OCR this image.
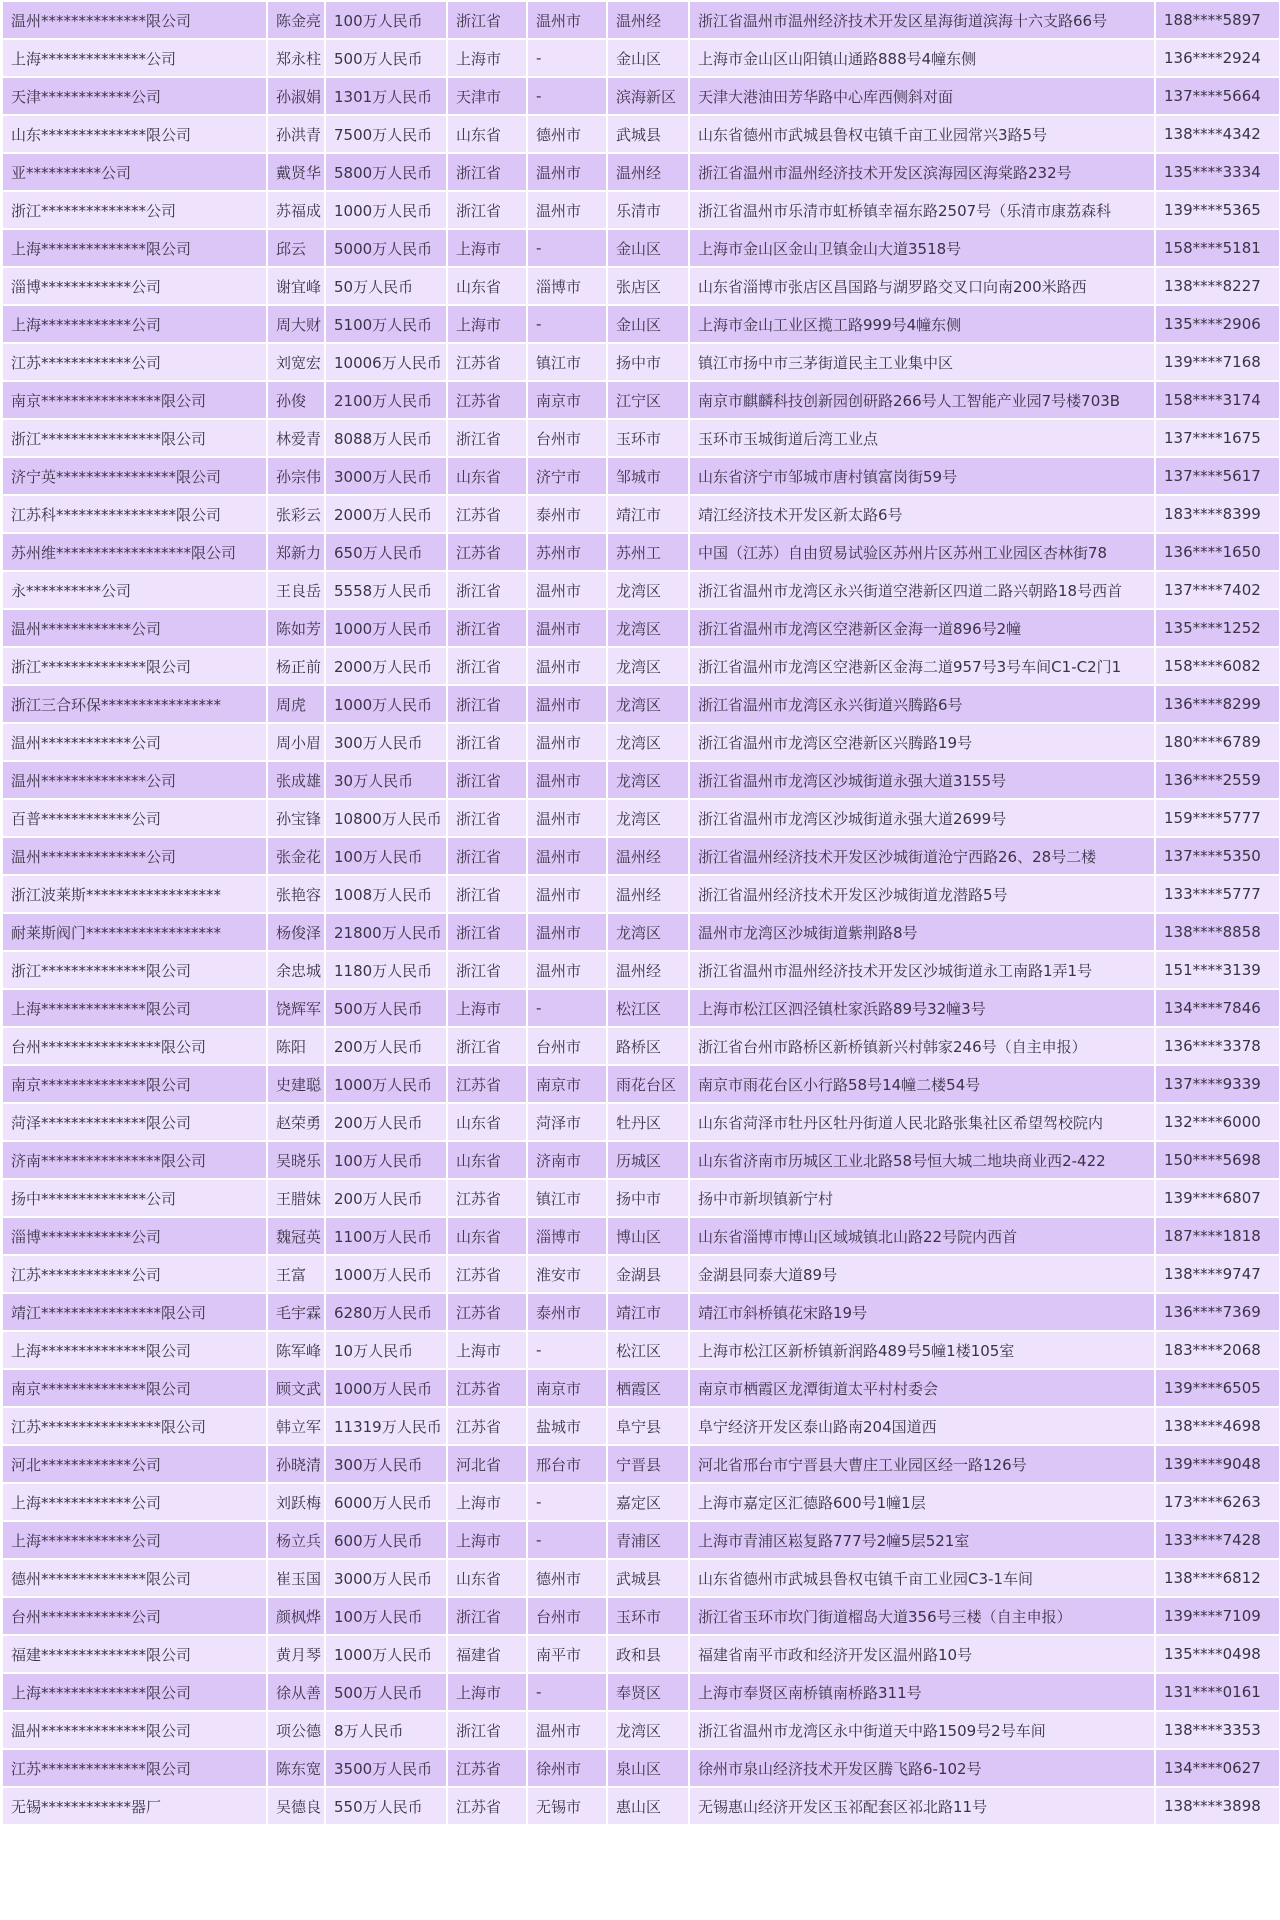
温州**************限公司	陈金亮	100万人民币	浙江省	温州市	温州经	浙江省温州市温州经济技术开发区星海街道滨海十六支路66号	188****5897
上海**************公司	郑永柱	500万人民币	上海市	-	金山区	上海市金山区山阳镇山通路888号4幢东侧	136****2924
天津************公司	孙淑娟	1301万人民币	天津市	-	滨海新区	天津大港油田芳华路中心库西侧斜对面	137****5664
山东**************限公司	孙洪青	7500万人民币	山东省	德州市	武城县	山东省德州市武城县鲁权屯镇千亩工业园常兴3路5号	138****4342
亚**********公司	戴贤华	5800万人民币	浙江省	温州市	温州经	浙江省温州市温州经济技术开发区滨海园区海棠路232号	135****3334
浙江**************公司	苏福成	1000万人民币	浙江省	温州市	乐清市	浙江省温州市乐清市虹桥镇幸福东路2507号（乐清市康荔森科	139****5365
上海**************限公司	邱云	5000万人民币	上海市	-	金山区	上海市金山区金山卫镇金山大道3518号	158****5181
淄博************公司	谢宜峰	50万人民币	山东省	淄博市	张店区	山东省淄博市张店区昌国路与湖罗路交叉口向南200米路西	138****8227
上海************公司	周大财	5100万人民币	上海市	-	金山区	上海市金山工业区揽工路999号4幢东侧	135****2906
江苏************公司	刘宽宏	10006万人民币	江苏省	镇江市	扬中市	镇江市扬中市三茅街道民主工业集中区	139****7168
南京****************限公司	孙俊	2100万人民币	江苏省	南京市	江宁区	南京市麒麟科技创新园创研路266号人工智能产业园7号楼703B	158****3174
浙江****************限公司	林爱青	8088万人民币	浙江省	台州市	玉环市	玉环市玉城街道后湾工业点	137****1675
济宁英****************限公司	孙宗伟	3000万人民币	山东省	济宁市	邹城市	山东省济宁市邹城市唐村镇富岗街59号	137****5617
江苏科****************限公司	张彩云	2000万人民币	江苏省	泰州市	靖江市	靖江经济技术开发区新太路6号	183****8399
苏州维******************限公司	郑新力	650万人民币	江苏省	苏州市	苏州工	中国（江苏）自由贸易试验区苏州片区苏州工业园区杏林街78	136****1650
永**********公司	王良岳	5558万人民币	浙江省	温州市	龙湾区	浙江省温州市龙湾区永兴街道空港新区四道二路兴朝路18号西首	137****7402
温州************公司	陈如芳	1000万人民币	浙江省	温州市	龙湾区	浙江省温州市龙湾区空港新区金海一道896号2幢	135****1252
浙江**************限公司	杨正前	2000万人民币	浙江省	温州市	龙湾区	浙江省温州市龙湾区空港新区金海二道957号3号车间C1-C2门1	158****6082
浙江三合环保****************	周虎	1000万人民币	浙江省	温州市	龙湾区	浙江省温州市龙湾区永兴街道兴腾路6号	136****8299
温州************公司	周小眉	300万人民币	浙江省	温州市	龙湾区	浙江省温州市龙湾区空港新区兴腾路19号	180****6789
温州**************公司	张成雄	30万人民币	浙江省	温州市	龙湾区	浙江省温州市龙湾区沙城街道永强大道3155号	136****2559
百普************公司	孙宝锋	10800万人民币	浙江省	温州市	龙湾区	浙江省温州市龙湾区沙城街道永强大道2699号	159****5777
温州**************公司	张金花	100万人民币	浙江省	温州市	温州经	浙江省温州经济技术开发区沙城街道沧宁西路26、28号二楼	137****5350
浙江波莱斯******************	张艳容	1008万人民币	浙江省	温州市	温州经	浙江省温州经济技术开发区沙城街道龙潜路5号	133****5777
耐莱斯阀门******************	杨俊泽	21800万人民币	浙江省	温州市	龙湾区	温州市龙湾区沙城街道紫荆路8号	138****8858
浙江**************限公司	余忠城	1180万人民币	浙江省	温州市	温州经	浙江省温州市温州经济技术开发区沙城街道永工南路1弄1号	151****3139
上海**************限公司	饶辉军	500万人民币	上海市	-	松江区	上海市松江区泗泾镇杜家浜路89号32幢3号	134****7846
台州****************限公司	陈阳	200万人民币	浙江省	台州市	路桥区	浙江省台州市路桥区新桥镇新兴村韩家246号（自主申报）	136****3378
南京**************限公司	史建聪	1000万人民币	江苏省	南京市	雨花台区	南京市雨花台区小行路58号14幢二楼54号	137****9339
菏泽**************限公司	赵荣勇	200万人民币	山东省	菏泽市	牡丹区	山东省菏泽市牡丹区牡丹街道人民北路张集社区希望驾校院内	132****6000
济南****************限公司	吴晓乐	100万人民币	山东省	济南市	历城区	山东省济南市历城区工业北路58号恒大城二地块商业西2-422	150****5698
扬中**************公司	王腊妹	200万人民币	江苏省	镇江市	扬中市	扬中市新坝镇新宁村	139****6807
淄博************公司	魏冠英	1100万人民币	山东省	淄博市	博山区	山东省淄博市博山区域城镇北山路22号院内西首	187****1818
江苏************公司	王富	1000万人民币	江苏省	淮安市	金湖县	金湖县同泰大道89号	138****9747
靖江****************限公司	毛宇霖	6280万人民币	江苏省	泰州市	靖江市	靖江市斜桥镇花宋路19号	136****7369
上海**************限公司	陈军峰	10万人民币	上海市	-	松江区	上海市松江区新桥镇新润路489号5幢1楼105室	183****2068
南京**************限公司	顾文武	1000万人民币	江苏省	南京市	栖霞区	南京市栖霞区龙潭街道太平村村委会	139****6505
江苏****************限公司	韩立军	11319万人民币	江苏省	盐城市	阜宁县	阜宁经济开发区泰山路南204国道西	138****4698
河北************公司	孙晓清	300万人民币	河北省	邢台市	宁晋县	河北省邢台市宁晋县大曹庄工业园区经一路126号	139****9048
上海************公司	刘跃梅	6000万人民币	上海市	-	嘉定区	上海市嘉定区汇德路600号1幢1层	173****6263
上海************公司	杨立兵	600万人民币	上海市	-	青浦区	上海市青浦区崧复路777号2幢5层521室	133****7428
德州**************限公司	崔玉国	3000万人民币	山东省	德州市	武城县	山东省德州市武城县鲁权屯镇千亩工业园C3-1车间	138****6812
台州************公司	颜枫烨	100万人民币	浙江省	台州市	玉环市	浙江省玉环市坎门街道榴岛大道356号三楼（自主申报）	139****7109
福建**************限公司	黄月琴	1000万人民币	福建省	南平市	政和县	福建省南平市政和经济开发区温州路10号	135****0498
上海**************限公司	徐从善	500万人民币	上海市	-	奉贤区	上海市奉贤区南桥镇南桥路311号	131****0161
温州**************限公司	项公德	8万人民币	浙江省	温州市	龙湾区	浙江省温州市龙湾区永中街道天中路1509号2号车间	138****3353
江苏**************限公司	陈东宽	3500万人民币	江苏省	徐州市	泉山区	徐州市泉山经济技术开发区腾飞路6-102号	134****0627
无锡************器厂	吴德良	550万人民币	江苏省	无锡市	惠山区	无锡惠山经济开发区玉祁配套区祁北路11号	138****3898
